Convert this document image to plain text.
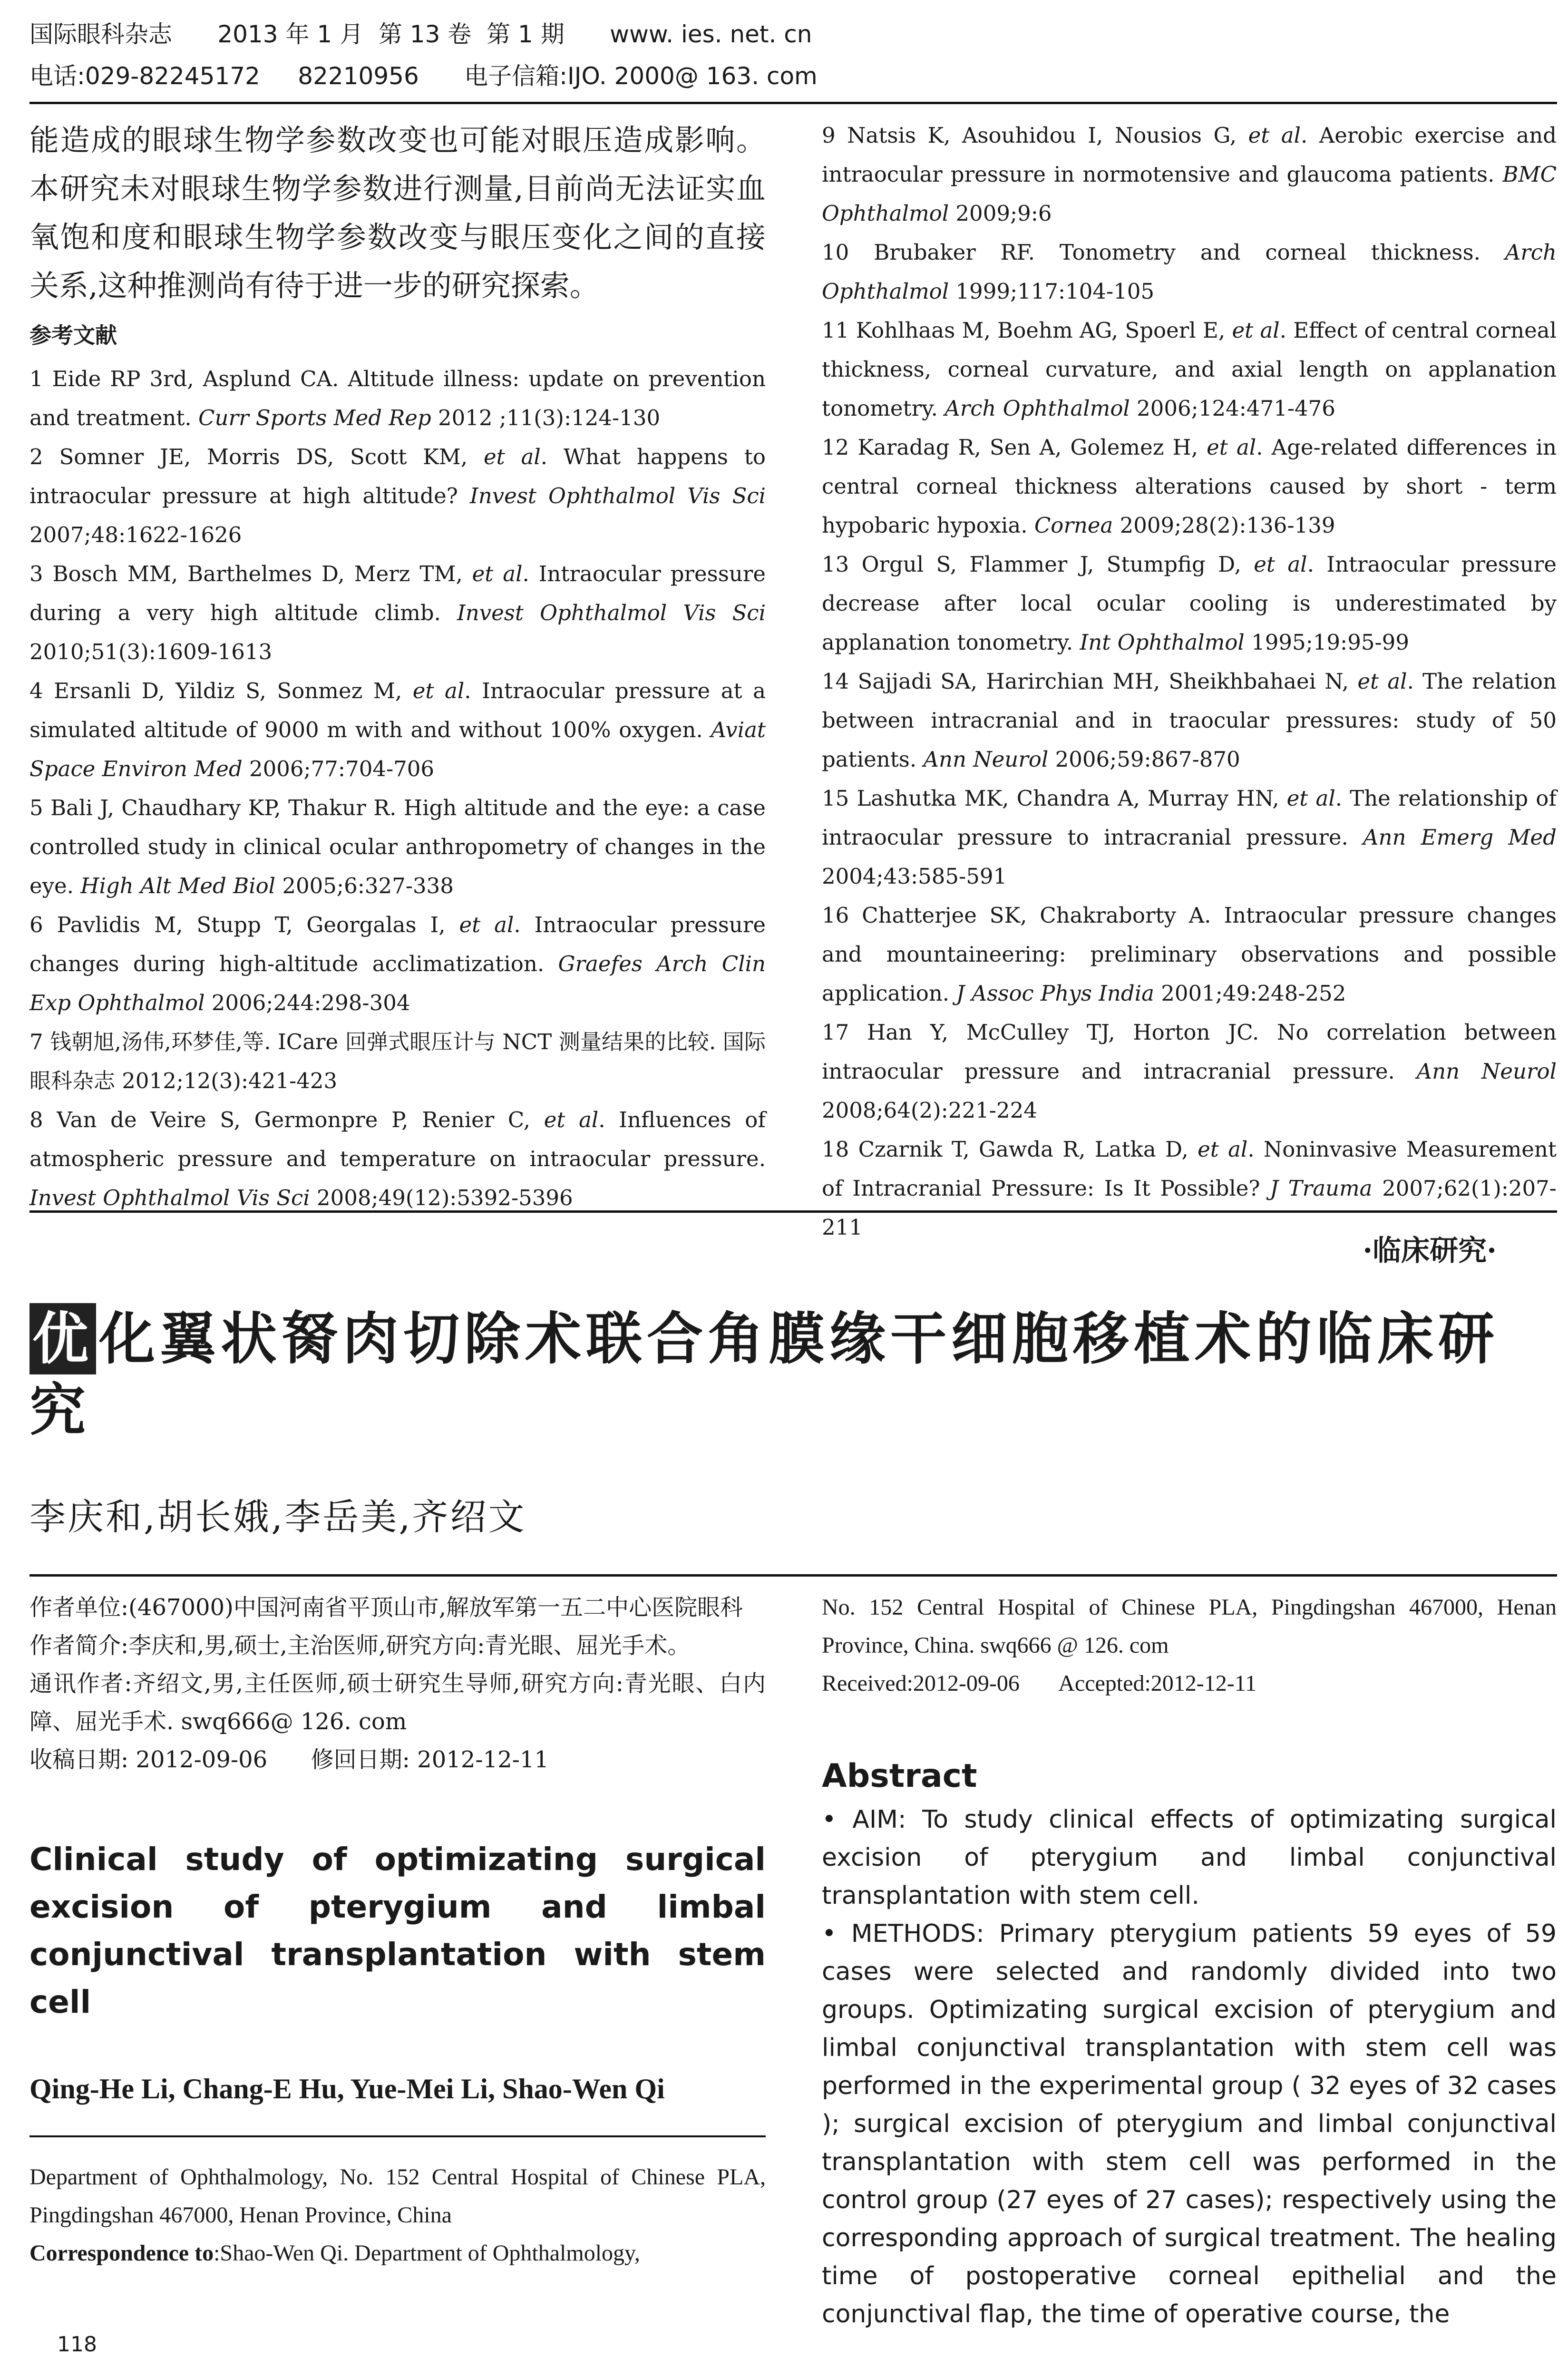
国际眼科杂志 2013 年 1 月  第 13 卷  第 1 期 www. ies. net. cn
电话:029-82245172     82210956 电子信箱:IJO. 2000@ 163. com

能造成的眼球生物学参数改变也可能对眼压造成影响。本研究未对眼球生物学参数进行测量,目前尚无法证实血氧饱和度和眼球生物学参数改变与眼压变化之间的直接关系,这种推测尚有待于进一步的研究探索。

参考文献

1 Eide RP 3rd, Asplund CA. Altitude illness: update on prevention and treatment. Curr Sports Med Rep 2012 ;11(3):124-130

2 Somner JE, Morris DS, Scott KM, et al. What happens to intraocular pressure at high altitude? Invest Ophthalmol Vis Sci 2007;48:1622-1626

3 Bosch MM, Barthelmes D, Merz TM, et al. Intraocular pressure during a very high altitude climb. Invest Ophthalmol Vis Sci 2010;51(3):1609-1613

4 Ersanli D, Yildiz S, Sonmez M, et al. Intraocular pressure at a simulated altitude of 9000 m with and without 100% oxygen. Aviat Space Environ Med 2006;77:704-706

5 Bali J, Chaudhary KP, Thakur R. High altitude and the eye: a case controlled study in clinical ocular anthropometry of changes in the eye. High Alt Med Biol 2005;6:327-338

6 Pavlidis M, Stupp T, Georgalas I, et al. Intraocular pressure changes during high-altitude acclimatization. Graefes Arch Clin Exp Ophthalmol 2006;244:298-304

7 钱朝旭,汤伟,环梦佳,等. ICare 回弹式眼压计与 NCT 测量结果的比较. 国际眼科杂志 2012;12(3):421-423

8 Van de Veire S, Germonpre P, Renier C, et al. Influences of atmospheric pressure and temperature on intraocular pressure. Invest Ophthalmol Vis Sci 2008;49(12):5392-5396

9 Natsis K, Asouhidou I, Nousios G, et al. Aerobic exercise and intraocular pressure in normotensive and glaucoma patients. BMC Ophthalmol 2009;9:6

10 Brubaker RF. Tonometry and corneal thickness. Arch Ophthalmol 1999;117:104-105

11 Kohlhaas M, Boehm AG, Spoerl E, et al. Effect of central corneal thickness, corneal curvature, and axial length on applanation tonometry. Arch Ophthalmol 2006;124:471-476

12 Karadag R, Sen A, Golemez H, et al. Age-related differences in central corneal thickness alterations caused by short - term hypobaric hypoxia. Cornea 2009;28(2):136-139

13 Orgul S, Flammer J, Stumpfig D, et al. Intraocular pressure decrease after local ocular cooling is underestimated by applanation tonometry. Int Ophthalmol 1995;19:95-99

14 Sajjadi SA, Harirchian MH, Sheikhbahaei N, et al. The relation between intracranial and in traocular pressures: study of 50 patients. Ann Neurol 2006;59:867-870

15 Lashutka MK, Chandra A, Murray HN, et al. The relationship of intraocular pressure to intracranial pressure. Ann Emerg Med 2004;43:585-591

16 Chatterjee SK, Chakraborty A. Intraocular pressure changes and mountaineering: preliminary observations and possible application. J Assoc Phys India 2001;49:248-252

17 Han Y, McCulley TJ, Horton JC. No correlation between intraocular pressure and intracranial pressure. Ann Neurol 2008;64(2):221-224

18 Czarnik T, Gawda R, Latka D, et al. Noninvasive Measurement of Intracranial Pressure: Is It Possible? J Trauma 2007;62(1):207-211

·临床研究·
优 化翼状胬肉切除术联合角膜缘干细胞移植术的临床研究
李庆和,胡长娥,李岳美,齐绍文

作者单位:(467000)中国河南省平顶山市,解放军第一五二中心医院眼科

作者简介:李庆和,男,硕士,主治医师,研究方向:青光眼、屈光手术。

通讯作者:齐绍文,男,主任医师,硕士研究生导师,研究方向:青光眼、白内障、屈光手术. swq666@ 126. com

收稿日期: 2012-09-06      修回日期: 2012-12-11

Clinical study of optimizating surgical excision of pterygium and limbal conjunctival transplantation with stem cell
Qing-He Li, Chang-E Hu, Yue-Mei Li, Shao-Wen Qi

Department of Ophthalmology, No. 152 Central Hospital of Chinese PLA, Pingdingshan 467000, Henan Province, China
Correspondence to:Shao-Wen Qi. Department of Ophthalmology,

No. 152 Central Hospital of Chinese PLA, Pingdingshan 467000, Henan Province, China. swq666 @ 126. com

Received:2012-09-06       Accepted:2012-12-11

Abstract

• AIM: To study clinical effects of optimizating surgical excision of pterygium and limbal conjunctival transplantation with stem cell.

• METHODS: Primary pterygium patients 59 eyes of 59 cases were selected and randomly divided into two groups. Optimizating surgical excision of pterygium and limbal conjunctival transplantation with stem cell was performed in the experimental group ( 32 eyes of 32 cases ); surgical excision of pterygium and limbal conjunctival transplantation with stem cell was performed in the control group (27 eyes of 27 cases); respectively using the corresponding approach of surgical treatment. The healing time of postoperative corneal epithelial and the conjunctival flap, the time of operative course, the

118
